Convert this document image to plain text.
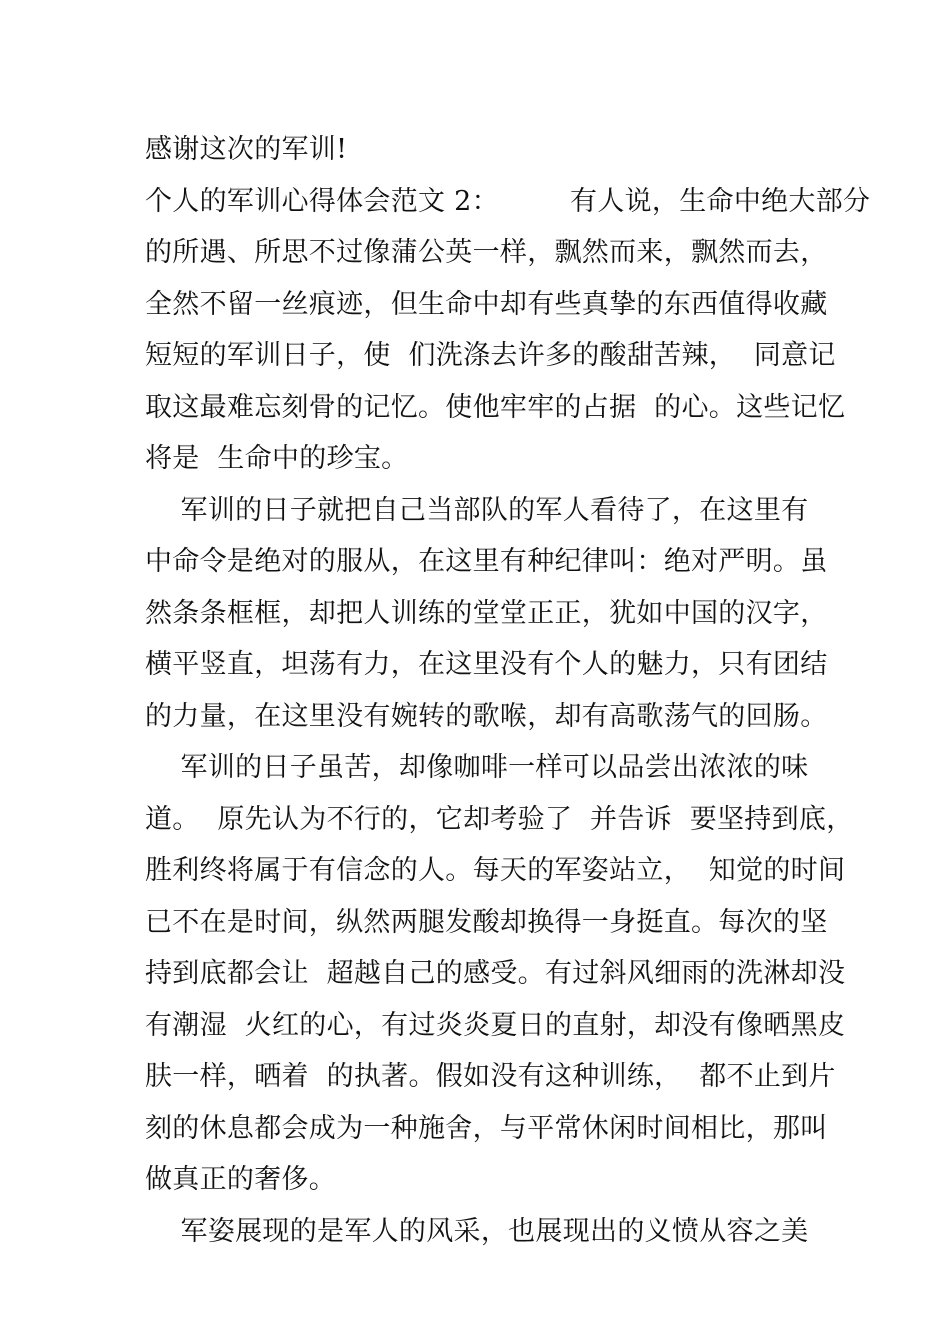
感谢这次的军训!
个人的军训心得体会范文 2：        有人说，生命中绝大部分
的所遇、所思不过像蒲公英一样，飘然而来，飘然而去，
全然不留一丝痕迹，但生命中却有些真挚的东西值得收藏
短短的军训日子，使  们洗涤去许多的酸甜苦辣，  同意记
取这最难忘刻骨的记忆。使他牢牢的占据  的心。这些记忆
将是  生命中的珍宝。
军训的日子就把自己当部队的军人看待了，在这里有
中命令是绝对的服从，在这里有种纪律叫：绝对严明。虽
然条条框框，却把人训练的堂堂正正，犹如中国的汉字，
横平竖直，坦荡有力，在这里没有个人的魅力，只有团结
的力量，在这里没有婉转的歌喉，却有高歌荡气的回肠。
军训的日子虽苦，却像咖啡一样可以品尝出浓浓的味
道。  原先认为不行的，它却考验了  并告诉  要坚持到底，
胜利终将属于有信念的人。每天的军姿站立，  知觉的时间
已不在是时间，纵然两腿发酸却换得一身挺直。每次的坚
持到底都会让  超越自己的感受。有过斜风细雨的洗淋却没
有潮湿  火红的心，有过炎炎夏日的直射，却没有像晒黑皮
肤一样，晒着  的执著。假如没有这种训练，  都不止到片
刻的休息都会成为一种施舍，与平常休闲时间相比，那叫
做真正的奢侈。
军姿展现的是军人的风采，也展现出的义愤从容之美
